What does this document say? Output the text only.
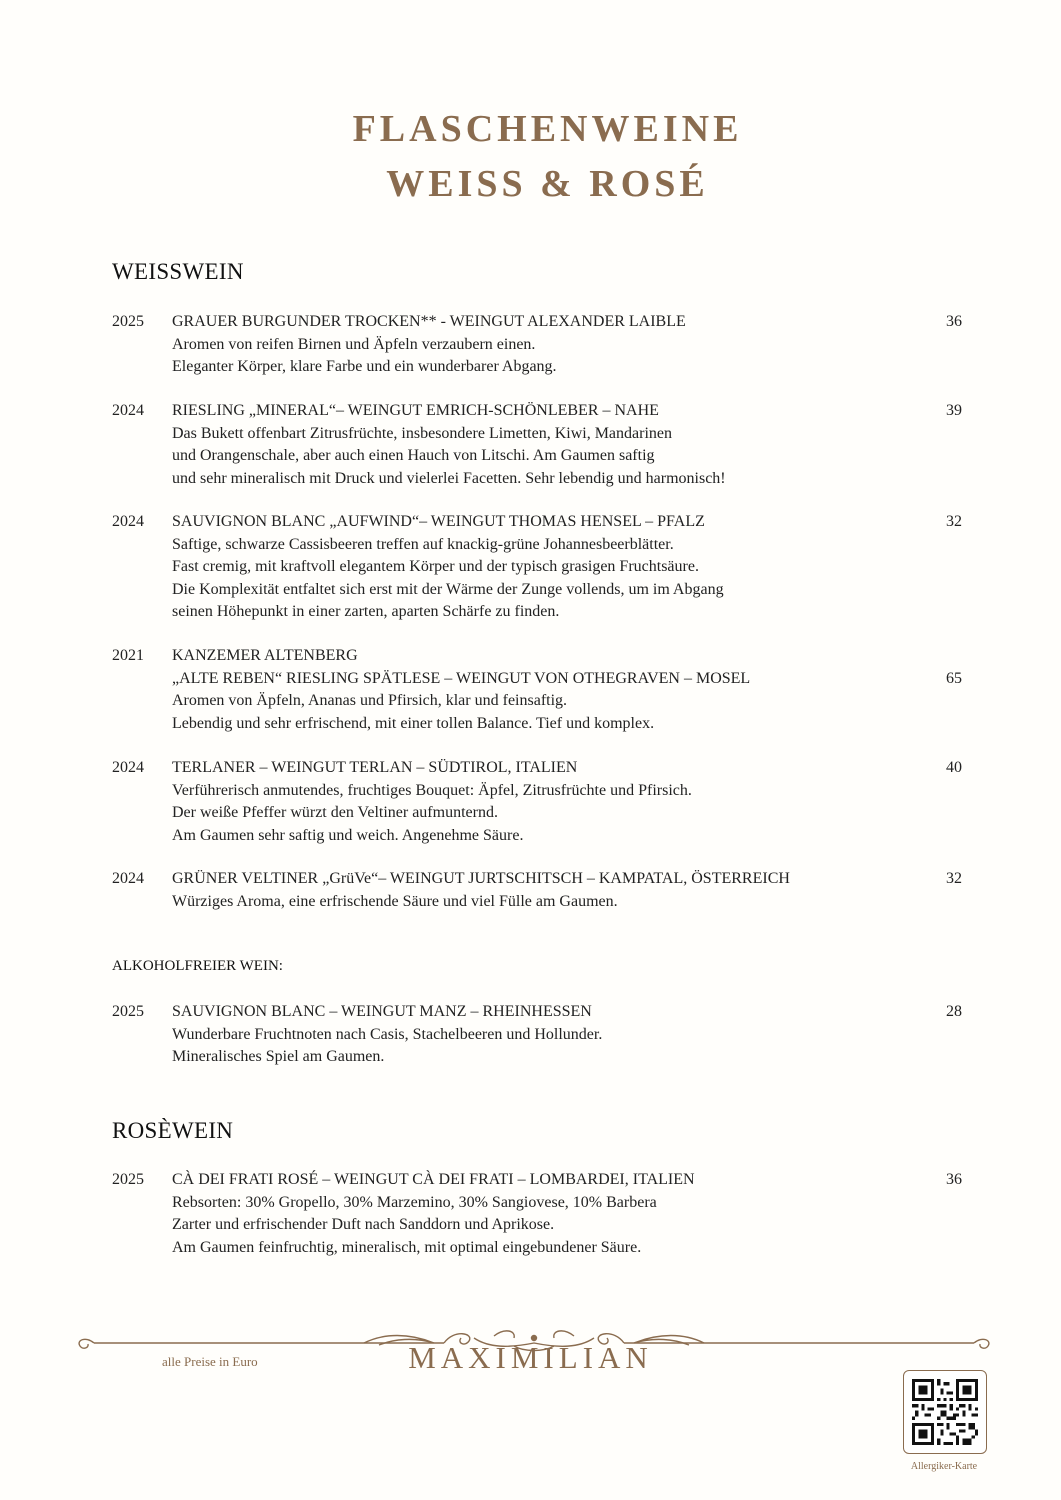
FLASCHENWEINE
WEISS & ROSÉ
WEISSWEIN
2025	GRAUER BURGUNDER TROCKEN** - WEINGUT ALEXANDER LAIBLE
Aromen von reifen Birnen und Äpfeln verzaubern einen.
Eleganter Körper, klare Farbe und ein wunderbarer Abgang.
36
2024	RIESLING „MINERAL“– WEINGUT EMRICH-SCHÖNLEBER – NAHE
Das Bukett offenbart Zitrusfrüchte, insbesondere Limetten, Kiwi, Mandarinen
und Orangenschale, aber auch einen Hauch von Litschi. Am Gaumen saftig
und sehr mineralisch mit Druck und vielerlei Facetten. Sehr lebendig und harmonisch!
39
2024	SAUVIGNON BLANC „AUFWIND“– WEINGUT THOMAS HENSEL – PFALZ
Saftige, schwarze Cassisbeeren treffen auf knackig-grüne Johannesbeerblätter.
Fast cremig, mit kraftvoll elegantem Körper und der typisch grasigen Fruchtsäure.
Die Komplexität entfaltet sich erst mit der Wärme der Zunge vollends, um im Abgang
seinen Höhepunkt in einer zarten, aparten Schärfe zu finden.
32
2021	KANZEMER ALTENBERG
„ALTE REBEN“ RIESLING SPÄTLESE – WEINGUT VON OTHEGRAVEN – MOSEL
Aromen von Äpfeln, Ananas und Pfirsich, klar und feinsaftig.
Lebendig und sehr erfrischend, mit einer tollen Balance. Tief und komplex.
65
2024	TERLANER – WEINGUT TERLAN – SÜDTIROL, ITALIEN
Verführerisch anmutendes, fruchtiges Bouquet: Äpfel, Zitrusfrüchte und Pfirsich.
Der weiße Pfeffer würzt den Veltiner aufmunternd.
Am Gaumen sehr saftig und weich. Angenehme Säure.
40
2024	GRÜNER VELTINER „GrüVe“– WEINGUT JURTSCHITSCH – KAMPATAL, ÖSTERREICH
Würziges Aroma, eine erfrischende Säure und viel Fülle am Gaumen.
32
ALKOHOLFREIER WEIN:
2025	SAUVIGNON BLANC – WEINGUT MANZ – RHEINHESSEN
Wunderbare Fruchtnoten nach Casis, Stachelbeeren und Hollunder.
Mineralisches Spiel am Gaumen.
28
ROSÈWEIN
2025	CÀ DEI FRATI ROSÉ – WEINGUT CÀ DEI FRATI – LOMBARDEI, ITALIEN
Rebsorten: 30% Gropello, 30% Marzemino, 30% Sangiovese, 10% Barbera
Zarter und erfrischender Duft nach Sanddorn und Aprikose.
Am Gaumen feinfruchtig, mineralisch, mit optimal eingebundener Säure.
36
alle Preise in Euro	MAXIMILIAN
Allergiker-Karte
